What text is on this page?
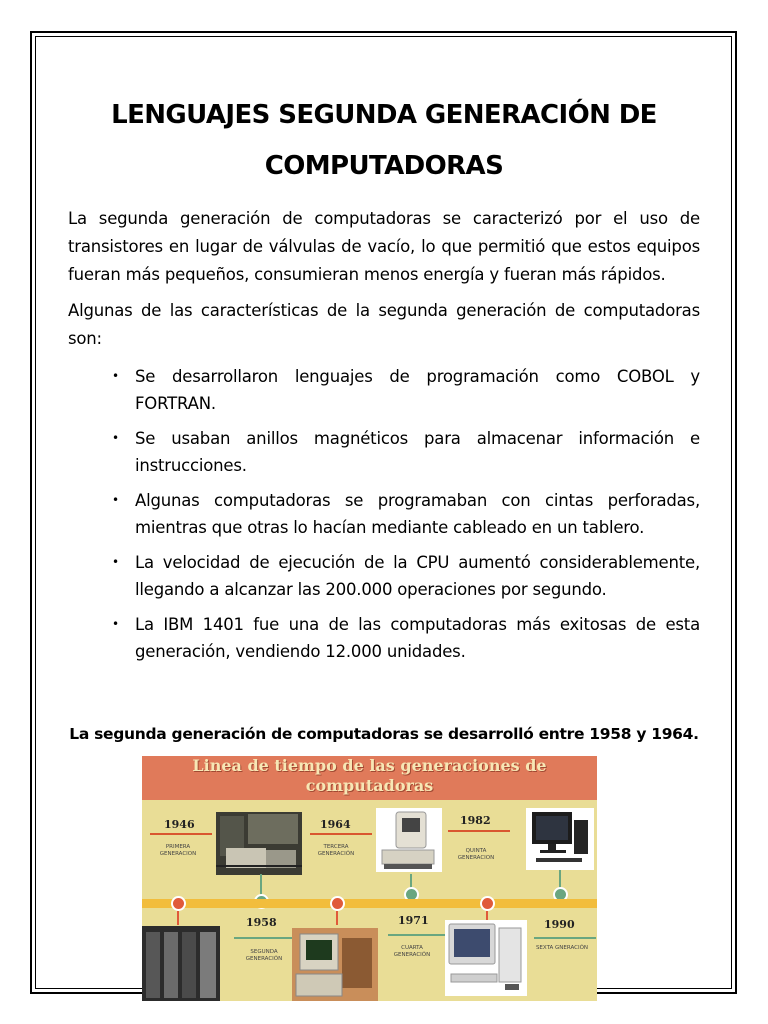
LENGUAJES SEGUNDA GENERACIÓN DE
COMPUTADORAS

La segunda generación de computadoras se caracterizó por el uso de transistores en lugar de válvulas de vacío, lo que permitió que estos equipos fueran más pequeños, consumieran menos energía y fueran más rápidos.

Algunas de las características de la segunda generación de computadoras son:

• Se desarrollaron lenguajes de programación como COBOL y FORTRAN.
• Se usaban anillos magnéticos para almacenar información e instrucciones.
• Algunas computadoras se programaban con cintas perforadas, mientras que otras lo hacían mediante cableado en un tablero.
• La velocidad de ejecución de la CPU aumentó considerablemente, llegando a alcanzar las 200.000 operaciones por segundo.
• La IBM 1401 fue una de las computadoras más exitosas de esta generación, vendiendo 12.000 unidades.

La segunda generación de computadoras se desarrolló entre 1958 y 1964.

Linea de tiempo de las generaciones de
computadoras
1946
PRIMERA GENERACION
1964
TERCERA GENERACIÓN
1982
QUINTA GENERACION
1958
SEGUNDA GENERACIÓN
1971
CUARTA GENERACIÓN
1990
SEXTA GNERACIÓN
